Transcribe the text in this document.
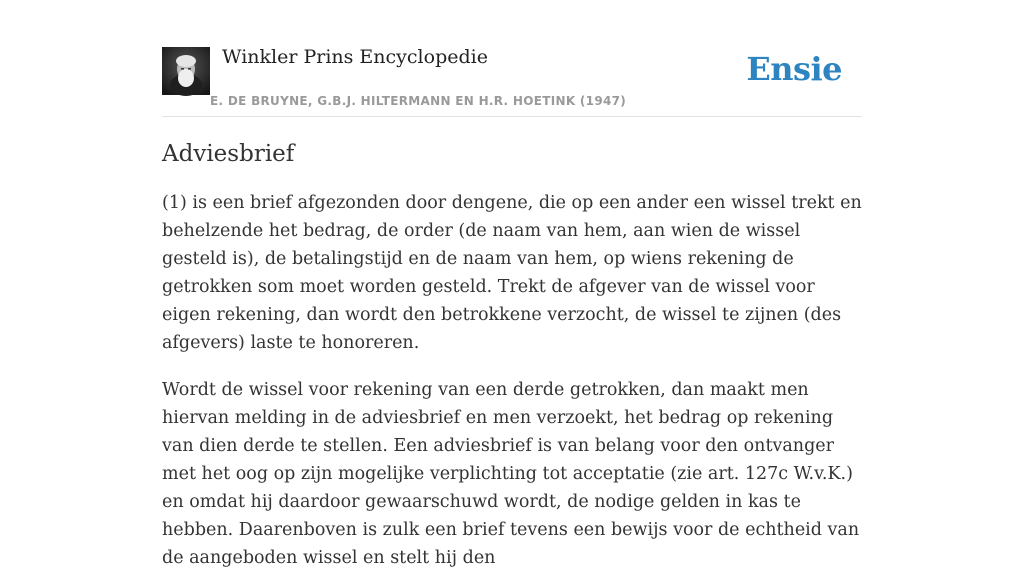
Winkler Prins Encyclopedie
E. DE BRUYNE, G.B.J. HILTERMANN EN H.R. HOETINK (1947)
Ensie
Adviesbrief

(1) is een brief afgezonden door dengene, die op een ander een wissel trekt en behelzende het bedrag, de order (de naam van hem, aan wien de wissel gesteld is), de betalingstijd en de naam van hem, op wiens rekening de getrokken som moet worden gesteld. Trekt de afgever van de wissel voor eigen rekening, dan wordt den betrokkene verzocht, de wissel te zijnen (des afgevers) laste te honoreren.

Wordt de wissel voor rekening van een derde getrokken, dan maakt men hiervan melding in de adviesbrief en men verzoekt, het bedrag op rekening van dien derde te stellen. Een adviesbrief is van belang voor den ontvanger met het oog op zijn mogelijke verplichting tot acceptatie (zie art. 127c W.v.K.) en omdat hij daardoor gewaarschuwd wordt, de nodige gelden in kas te hebben. Daarenboven is zulk een brief tevens een bewijs voor de echtheid van de aangeboden wissel en stelt hij den
